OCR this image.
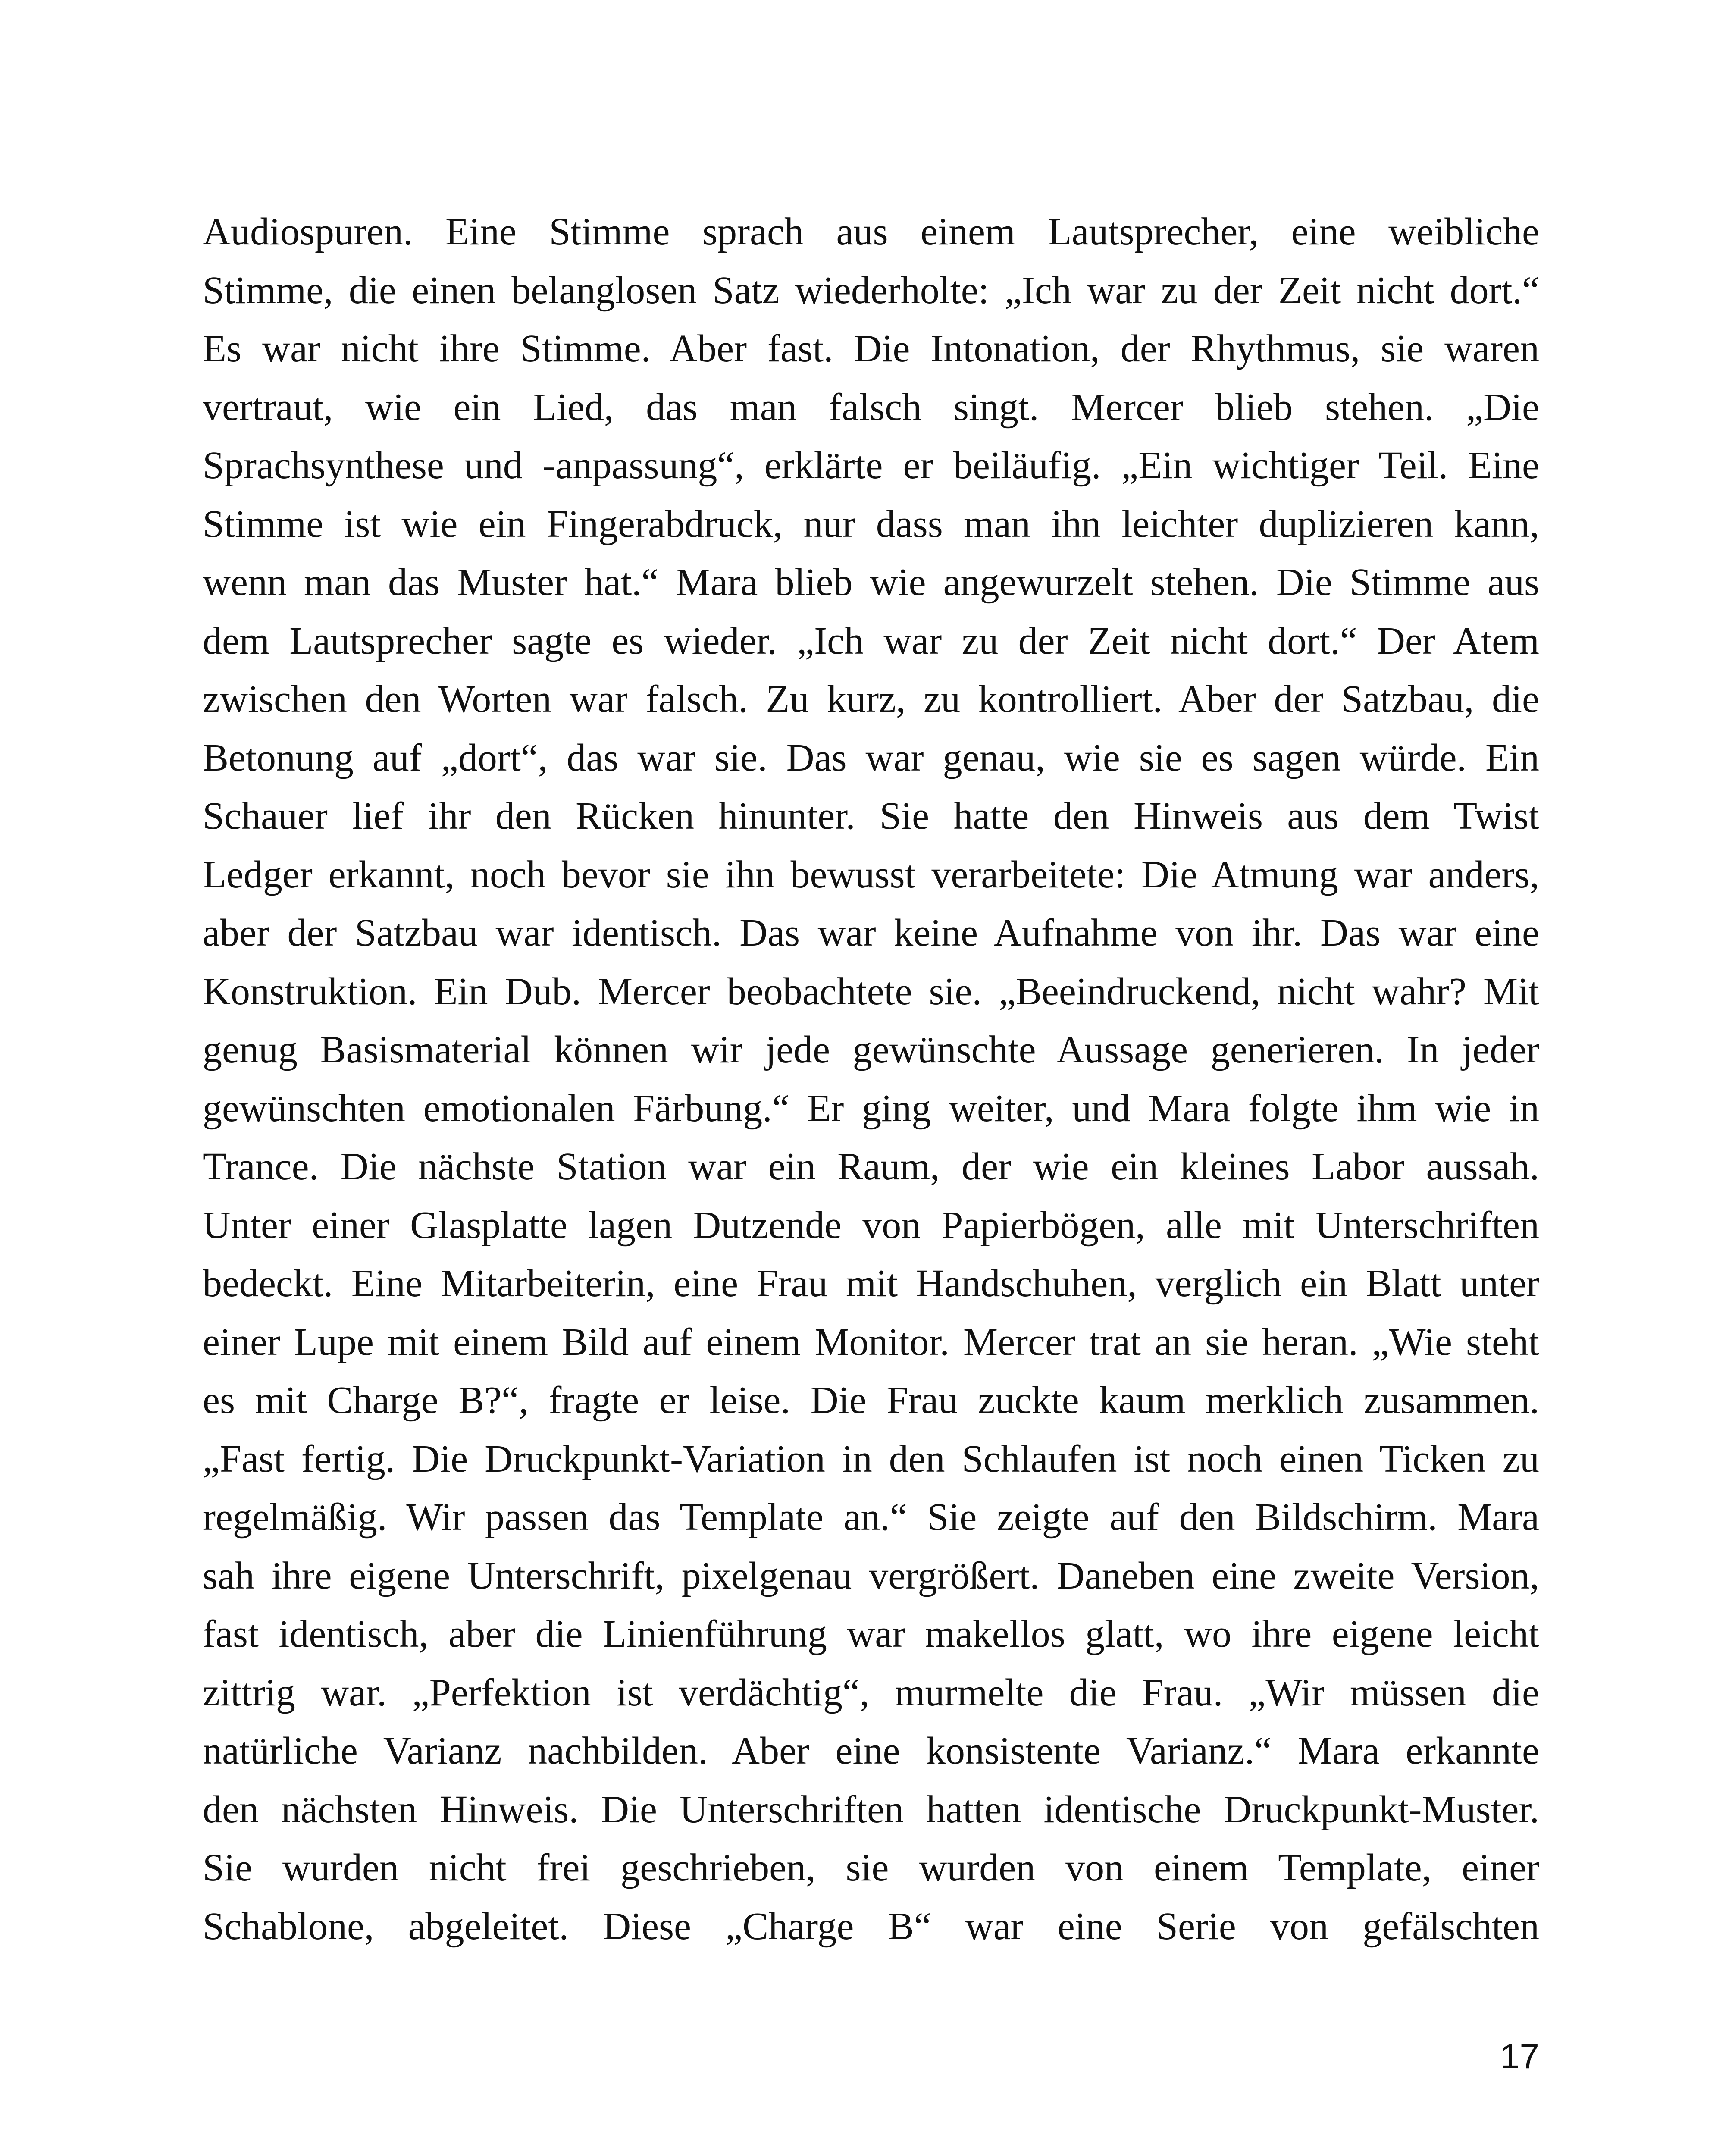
Audiospuren. Eine Stimme sprach aus einem Lautsprecher, eine weibliche
Stimme, die einen belanglosen Satz wiederholte: „Ich war zu der Zeit nicht dort.“
Es war nicht ihre Stimme. Aber fast. Die Intonation, der Rhythmus, sie waren
vertraut, wie ein Lied, das man falsch singt. Mercer blieb stehen. „Die
Sprachsynthese und -anpassung“, erklärte er beiläufig. „Ein wichtiger Teil. Eine
Stimme ist wie ein Fingerabdruck, nur dass man ihn leichter duplizieren kann,
wenn man das Muster hat.“ Mara blieb wie angewurzelt stehen. Die Stimme aus
dem Lautsprecher sagte es wieder. „Ich war zu der Zeit nicht dort.“ Der Atem
zwischen den Worten war falsch. Zu kurz, zu kontrolliert. Aber der Satzbau, die
Betonung auf „dort“, das war sie. Das war genau, wie sie es sagen würde. Ein
Schauer lief ihr den Rücken hinunter. Sie hatte den Hinweis aus dem Twist
Ledger erkannt, noch bevor sie ihn bewusst verarbeitete: Die Atmung war anders,
aber der Satzbau war identisch. Das war keine Aufnahme von ihr. Das war eine
Konstruktion. Ein Dub. Mercer beobachtete sie. „Beeindruckend, nicht wahr? Mit
genug Basismaterial können wir jede gewünschte Aussage generieren. In jeder
gewünschten emotionalen Färbung.“ Er ging weiter, und Mara folgte ihm wie in
Trance. Die nächste Station war ein Raum, der wie ein kleines Labor aussah.
Unter einer Glasplatte lagen Dutzende von Papierbögen, alle mit Unterschriften
bedeckt. Eine Mitarbeiterin, eine Frau mit Handschuhen, verglich ein Blatt unter
einer Lupe mit einem Bild auf einem Monitor. Mercer trat an sie heran. „Wie steht
es mit Charge B?“, fragte er leise. Die Frau zuckte kaum merklich zusammen.
„Fast fertig. Die Druckpunkt-Variation in den Schlaufen ist noch einen Ticken zu
regelmäßig. Wir passen das Template an.“ Sie zeigte auf den Bildschirm. Mara
sah ihre eigene Unterschrift, pixelgenau vergrößert. Daneben eine zweite Version,
fast identisch, aber die Linienführung war makellos glatt, wo ihre eigene leicht
zittrig war. „Perfektion ist verdächtig“, murmelte die Frau. „Wir müssen die
natürliche Varianz nachbilden. Aber eine konsistente Varianz.“ Mara erkannte
den nächsten Hinweis. Die Unterschriften hatten identische Druckpunkt-Muster.
Sie wurden nicht frei geschrieben, sie wurden von einem Template, einer
Schablone, abgeleitet. Diese „Charge B“ war eine Serie von gefälschten
17
